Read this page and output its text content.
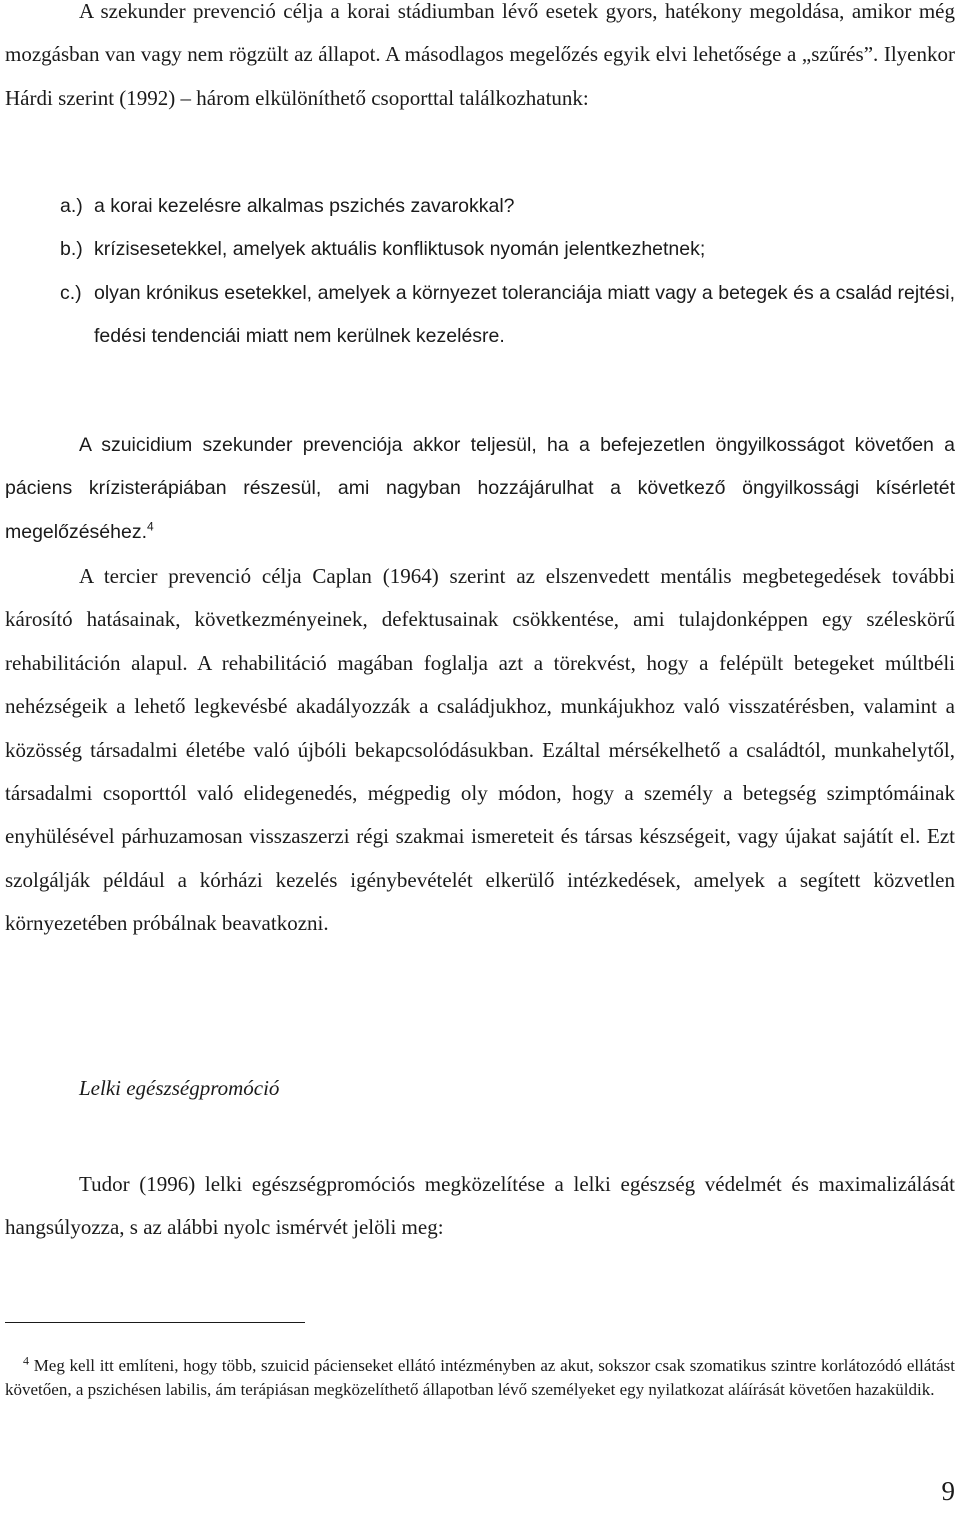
A szekunder prevenció célja a korai stádiumban lévő esetek gyors, hatékony megoldása, amikor még mozgásban van vagy nem rögzült az állapot. A másodlagos megelőzés egyik elvi lehetősége a „szűrés”. Ilyenkor Hárdi szerint (1992) – három elkülöníthető csoporttal találkozhatunk:

a.) a korai kezelésre alkalmas pszichés zavarokkal?
b.) krízisesetekkel, amelyek aktuális konfliktusok nyomán jelentkezhetnek;
c.) olyan krónikus esetekkel, amelyek a környezet toleranciája miatt vagy a betegek és a család rejtési, fedési tendenciái miatt nem kerülnek kezelésre.

A szuicidium szekunder prevenciója akkor teljesül, ha a befejezetlen öngyilkosságot követően a páciens krízisterápiában részesül, ami nagyban hozzájárulhat a következő öngyilkossági kísérletét megelőzéséhez.$^4$

A tercier prevenció célja Caplan (1964) szerint az elszenvedett mentális megbetegedések további károsító hatásainak, következményeinek, defektusainak csökkentése, ami tulajdonképpen egy széleskörű rehabilitáción alapul. A rehabilitáció magában foglalja azt a törekvést, hogy a felépült betegeket múltbéli nehézségeik a lehető legkevésbé akadályozzák a családjukhoz, munkájukhoz való visszatérésben, valamint a közösség társadalmi életébe való újbóli bekapcsolódásukban. Ezáltal mérsékelhető a családtól, munkahelytől, társadalmi csoporttól való elidegenedés, mégpedig oly módon, hogy a személy a betegség szimptómáinak enyhülésével párhuzamosan visszaszerzi régi szakmai ismereteit és társas készségeit, vagy újakat sajátít el. Ezt szolgálják például a kórházi kezelés igénybevételét elkerülő intézkedések, amelyek a segített közvetlen környezetében próbálnak beavatkozni.

Lelki egészségpromóció

Tudor (1996) lelki egészségpromóciós megközelítése a lelki egészség védelmét és maximalizálását hangsúlyozza, s az alábbi nyolc ismérvét jelöli meg:

$^4$ Meg kell itt említeni, hogy több, szuicid pácienseket ellátó intézményben az akut, sokszor csak szomatikus szintre korlátozódó ellátást követően, a pszichésen labilis, ám terápiásan megközelíthető állapotban lévő személyeket egy nyilatkozat aláírását követően hazaküldik.

9
